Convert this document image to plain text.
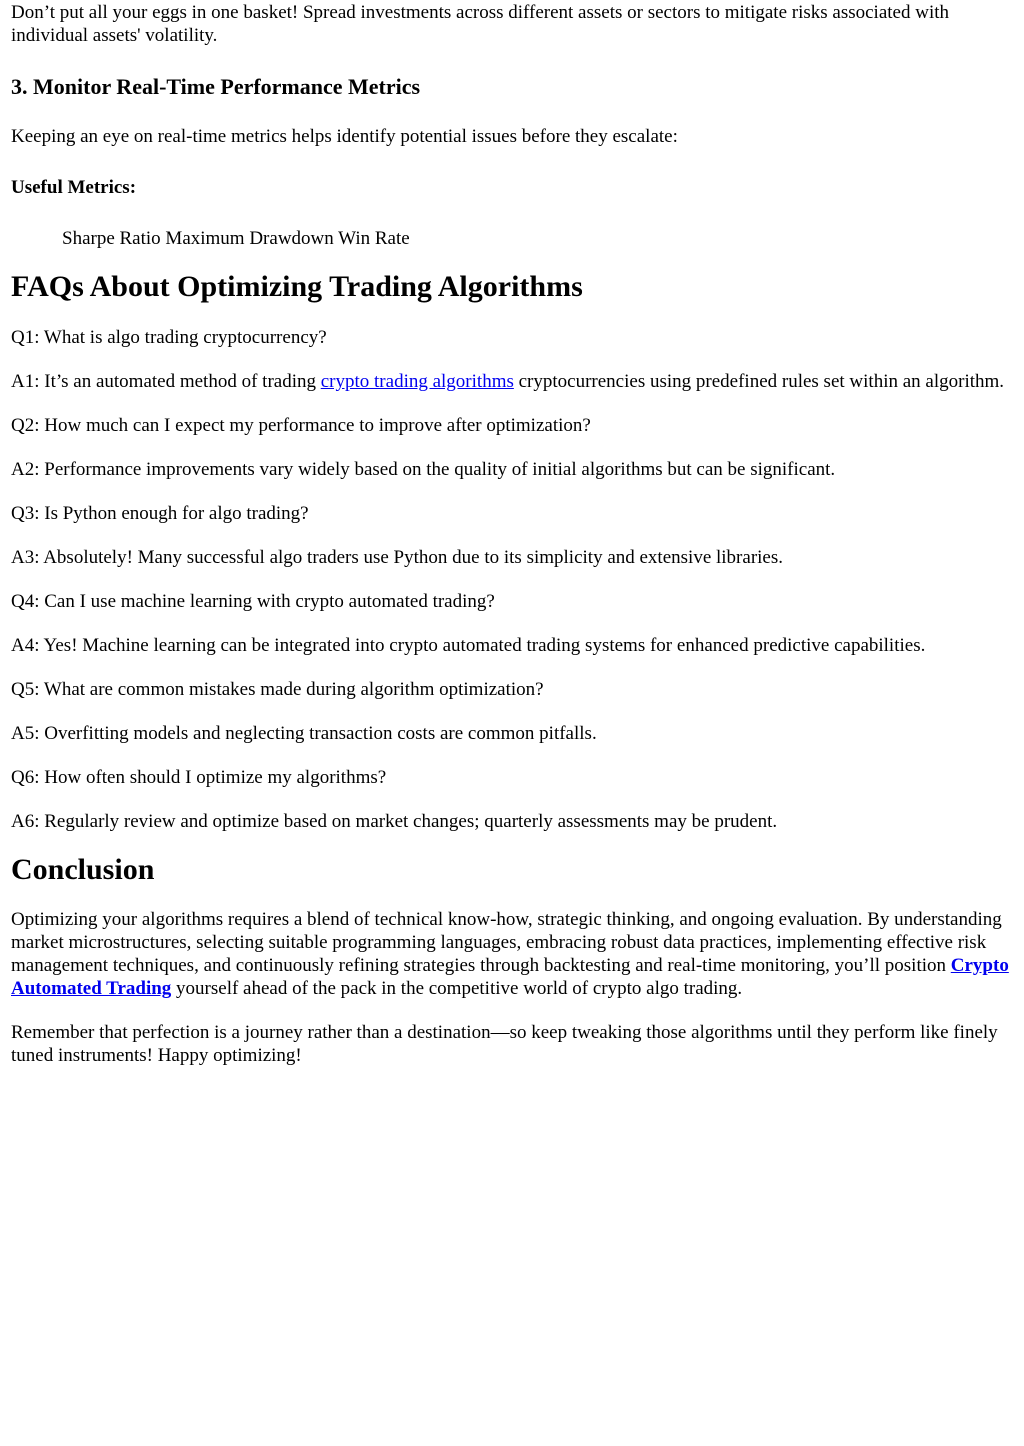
Don’t put all your eggs in one basket! Spread investments across different assets or sectors to mitigate risks associated with individual assets' volatility.

3. Monitor Real-Time Performance Metrics

Keeping an eye on real-time metrics helps identify potential issues before they escalate:

Useful Metrics:

Sharpe Ratio Maximum Drawdown Win Rate

FAQs About Optimizing Trading Algorithms

Q1: What is algo trading cryptocurrency?

A1: It’s an automated method of trading crypto trading algorithms cryptocurrencies using predefined rules set within an algorithm.

Q2: How much can I expect my performance to improve after optimization?

A2: Performance improvements vary widely based on the quality of initial algorithms but can be significant.

Q3: Is Python enough for algo trading?

A3: Absolutely! Many successful algo traders use Python due to its simplicity and extensive libraries.

Q4: Can I use machine learning with crypto automated trading?

A4: Yes! Machine learning can be integrated into crypto automated trading systems for enhanced predictive capabilities.

Q5: What are common mistakes made during algorithm optimization?

A5: Overfitting models and neglecting transaction costs are common pitfalls.

Q6: How often should I optimize my algorithms?

A6: Regularly review and optimize based on market changes; quarterly assessments may be prudent.

Conclusion

Optimizing your algorithms requires a blend of technical know-how, strategic thinking, and ongoing evaluation. By understanding market microstructures, selecting suitable programming languages, embracing robust data practices, implementing effective risk management techniques, and continuously refining strategies through backtesting and real-time monitoring, you’ll position Crypto Automated Trading yourself ahead of the pack in the competitive world of crypto algo trading.

Remember that perfection is a journey rather than a destination—so keep tweaking those algorithms until they perform like finely tuned instruments! Happy optimizing!
